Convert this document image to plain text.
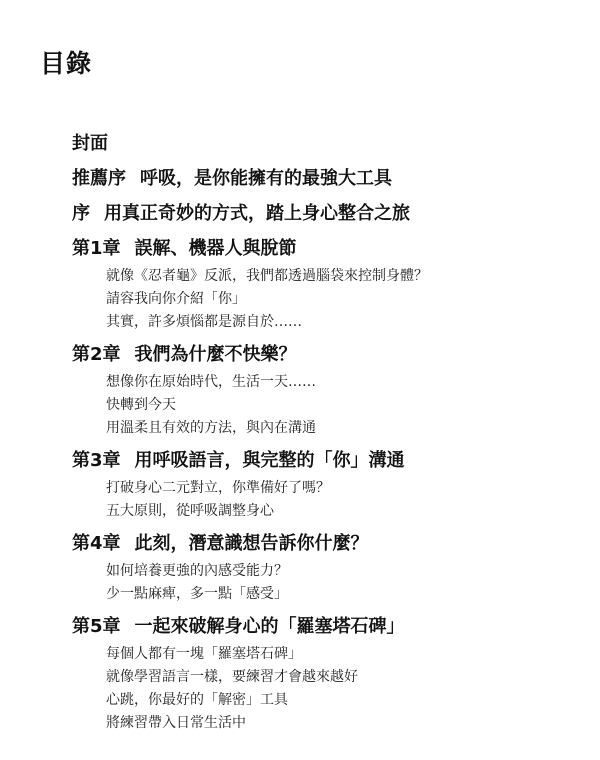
目錄
封面
推薦序 呼吸，是你能擁有的最強大工具
序 用真正奇妙的方式，踏上身心整合之旅
第1章 誤解、機器人與脫節
就像《忍者龜》反派，我們都透過腦袋來控制身體？
請容我向你介紹「你」
其實，許多煩惱都是源自於……
第2章 我們為什麼不快樂？
想像你在原始時代，生活一天……
快轉到今天
用溫柔且有效的方法，與內在溝通
第3章 用呼吸語言，與完整的「你」溝通
打破身心二元對立，你準備好了嗎？
五大原則，從呼吸調整身心
第4章 此刻，潛意識想告訴你什麼？
如何培養更強的內感受能力？
少一點麻痺，多一點「感受」
第5章 一起來破解身心的「羅塞塔石碑」
每個人都有一塊「羅塞塔石碑」
就像學習語言一樣，要練習才會越來越好
心跳，你最好的「解密」工具
將練習帶入日常生活中
